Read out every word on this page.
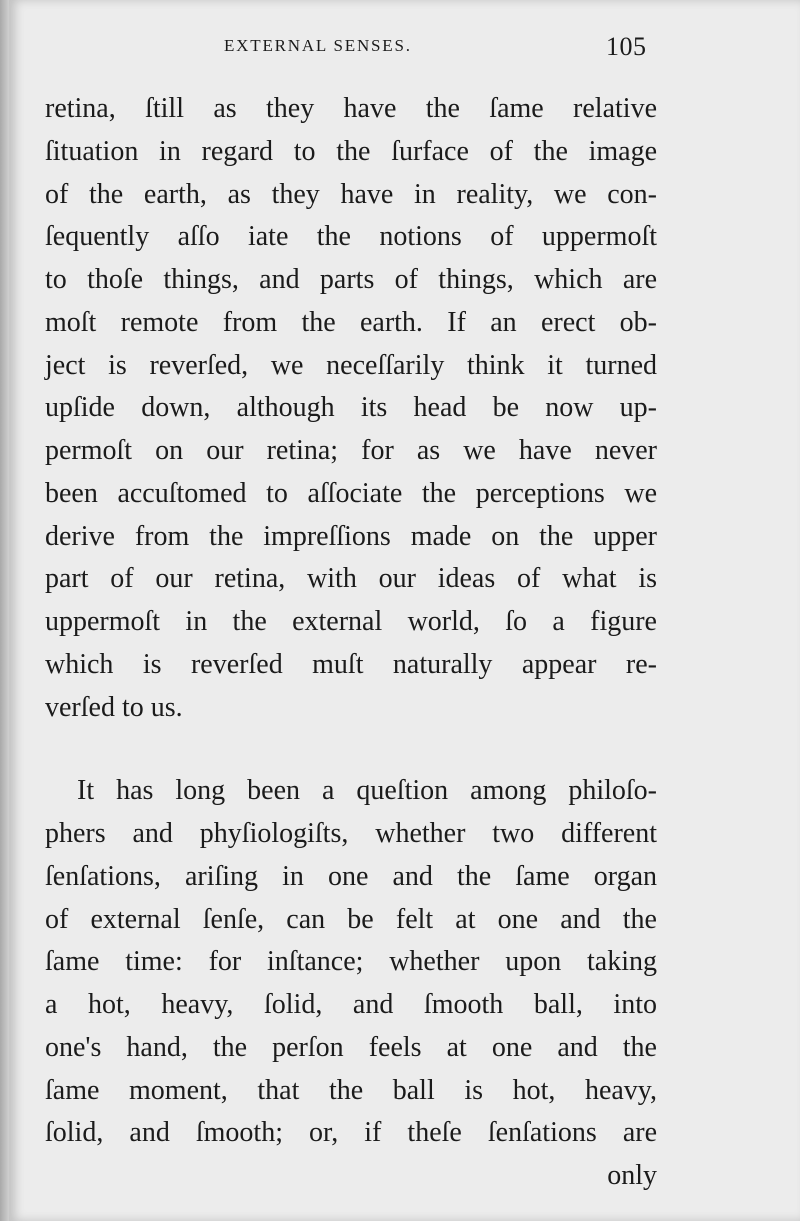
EXTERNAL SENSES.	105
retina, ſtill as they have the ſame relative
ſituation in regard to the ſurface of the image
of the earth, as they have in reality, we con-
ſequently aſſo iate the notions of uppermoſt
to thoſe things, and parts of things, which are
moſt remote from the earth. If an erect ob-
ject is reverſed, we neceſſarily think it turned
upſide down, although its head be now up-
permoſt on our retina; for as we have never
been accuſtomed to aſſociate the perceptions we
derive from the impreſſions made on the upper
part of our retina, with our ideas of what is
uppermoſt in the external world, ſo a figure
which is reverſed muſt naturally appear re-
verſed to us.
It has long been a queſtion among philoſo-
phers and phyſiologiſts, whether two different
ſenſations, ariſing in one and the ſame organ
of external ſenſe, can be felt at one and the
ſame time: for inſtance; whether upon taking
a hot, heavy, ſolid, and ſmooth ball, into
one's hand, the perſon feels at one and the
ſame moment, that the ball is hot, heavy,
ſolid, and ſmooth; or, if theſe ſenſations are
only
